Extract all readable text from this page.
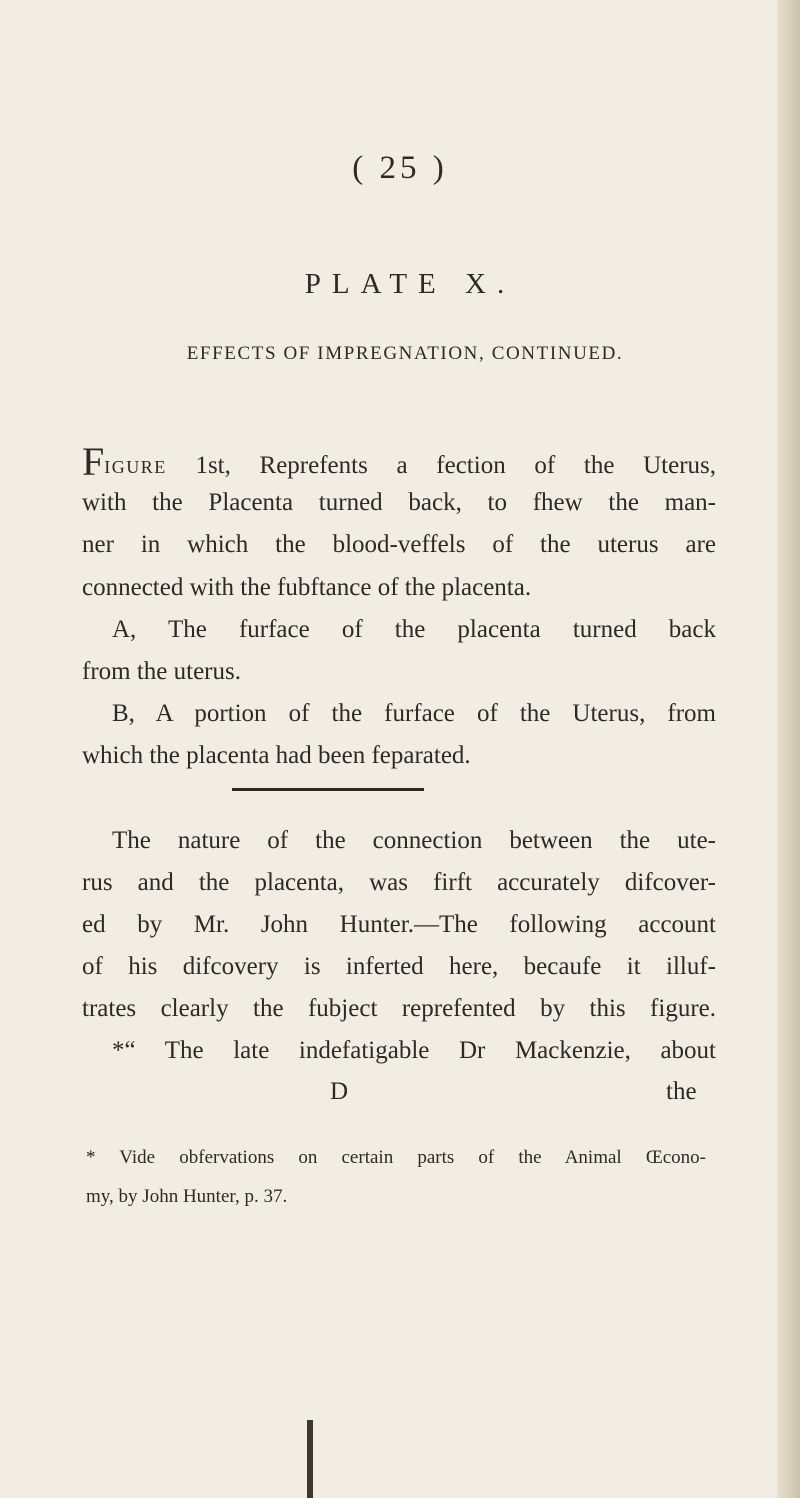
( 25 )
PLATE X.
EFFECTS OF IMPREGNATION, CONTINUED.
FIGURE 1st, Reprefents a fection of the Uterus,
with the Placenta turned back, to fhew the man-
ner in which the blood-veffels of the uterus are
connected with the fubftance of the placenta.
A, The furface of the placenta turned back
from the uterus.
B, A portion of the furface of the Uterus, from
which the placenta had been feparated.
The nature of the connection between the ute-
rus and the placenta, was firft accurately difcover-
ed by Mr. John Hunter.—The following account
of his difcovery is inferted here, becaufe it illuf-
trates clearly the fubject reprefented by this figure.
*“ The late indefatigable Dr Mackenzie, about
D	the
* Vide obfervations on certain parts of the Animal Œcono-
my, by John Hunter, p. 37.
